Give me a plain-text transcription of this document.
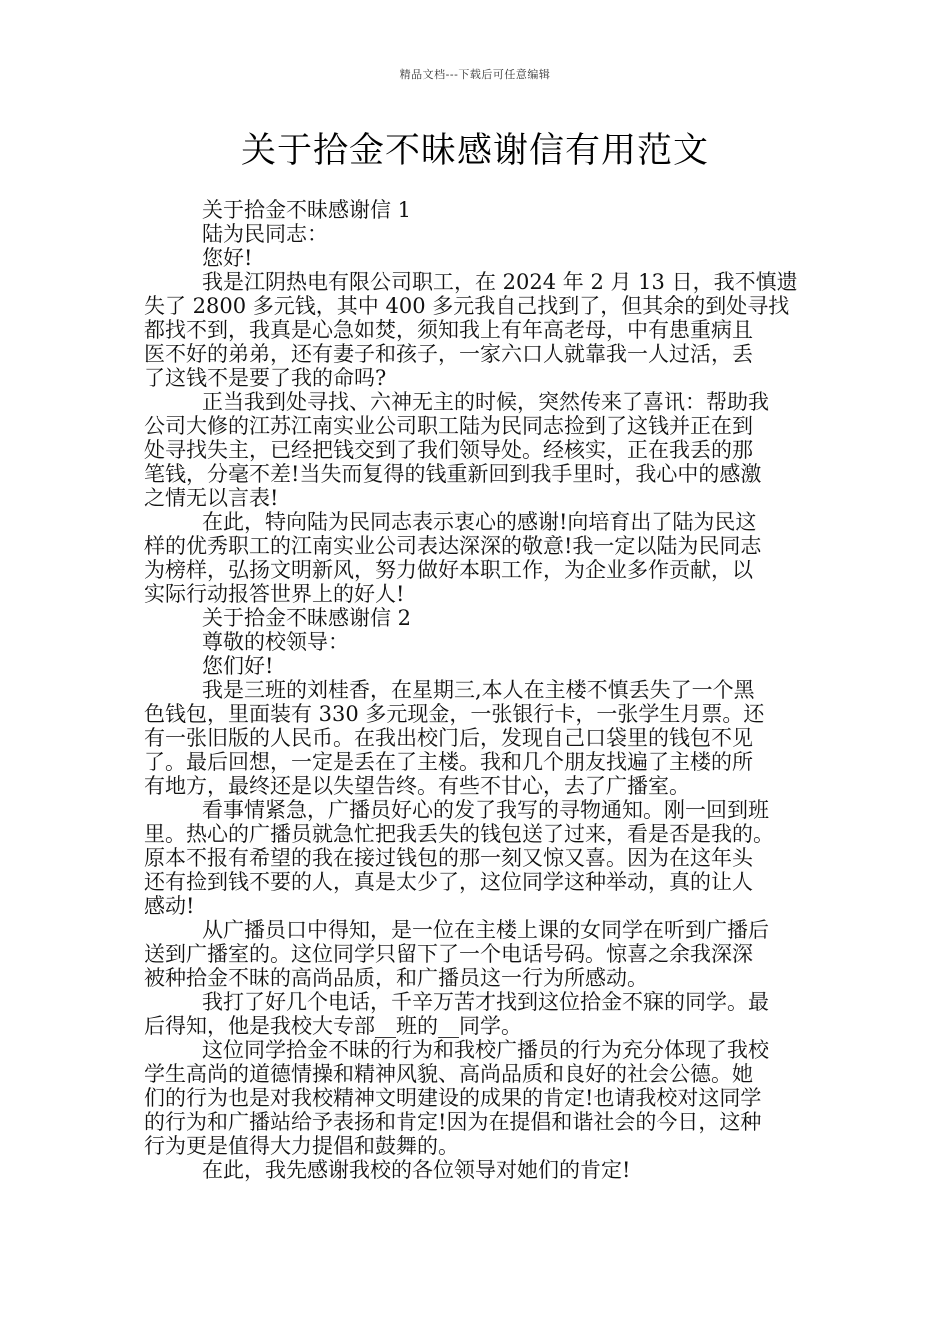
精品文档---下载后可任意编辑
关于拾金不昧感谢信有用范文

关于拾金不昧感谢信 1

陆为民同志：

您好!

我是江阴热电有限公司职工，在 2024 年 2 月 13 日，我不慎遗

失了 2800 多元钱，其中 400 多元我自己找到了，但其余的到处寻找

都找不到，我真是心急如焚，须知我上有年高老母，中有患重病且

医不好的弟弟，还有妻子和孩子，一家六口人就靠我一人过活，丢

了这钱不是要了我的命吗?

正当我到处寻找、六神无主的时候，突然传来了喜讯：帮助我

公司大修的江苏江南实业公司职工陆为民同志捡到了这钱并正在到

处寻找失主，已经把钱交到了我们领导处。经核实，正在我丢的那

笔钱，分毫不差!当失而复得的钱重新回到我手里时，我心中的感激

之情无以言表!

在此，特向陆为民同志表示衷心的感谢!向培育出了陆为民这

样的优秀职工的江南实业公司表达深深的敬意!我一定以陆为民同志

为榜样，弘扬文明新风，努力做好本职工作，为企业多作贡献，以

实际行动报答世界上的好人!

关于拾金不昧感谢信 2

尊敬的校领导：

您们好!

我是三班的刘桂香，在星期三,本人在主楼不慎丢失了一个黑

色钱包，里面装有 330 多元现金，一张银行卡，一张学生月票。还

有一张旧版的人民币。在我出校门后，发现自己口袋里的钱包不见

了。最后回想，一定是丢在了主楼。我和几个朋友找遍了主楼的所

有地方，最终还是以失望告终。有些不甘心，去了广播室。

看事情紧急，广播员好心的发了我写的寻物通知。刚一回到班

里。热心的广播员就急忙把我丢失的钱包送了过来，看是否是我的。

原本不报有希望的我在接过钱包的那一刻又惊又喜。因为在这年头

还有捡到钱不要的人，真是太少了，这位同学这种举动，真的让人

感动!

从广播员口中得知，是一位在主楼上课的女同学在听到广播后

送到广播室的。这位同学只留下了一个电话号码。惊喜之余我深深

被种拾金不昧的高尚品质，和广播员这一行为所感动。

我打了好几个电话，千辛万苦才找到这位拾金不寐的同学。最

后得知，他是我校大专部__班的__同学。

这位同学拾金不昧的行为和我校广播员的行为充分体现了我校

学生高尚的道德情操和精神风貌、高尚品质和良好的社会公德。她

们的行为也是对我校精神文明建设的成果的肯定!也请我校对这同学

的行为和广播站给予表扬和肯定!因为在提倡和谐社会的今日，这种

行为更是值得大力提倡和鼓舞的。

在此，我先感谢我校的各位领导对她们的肯定!
